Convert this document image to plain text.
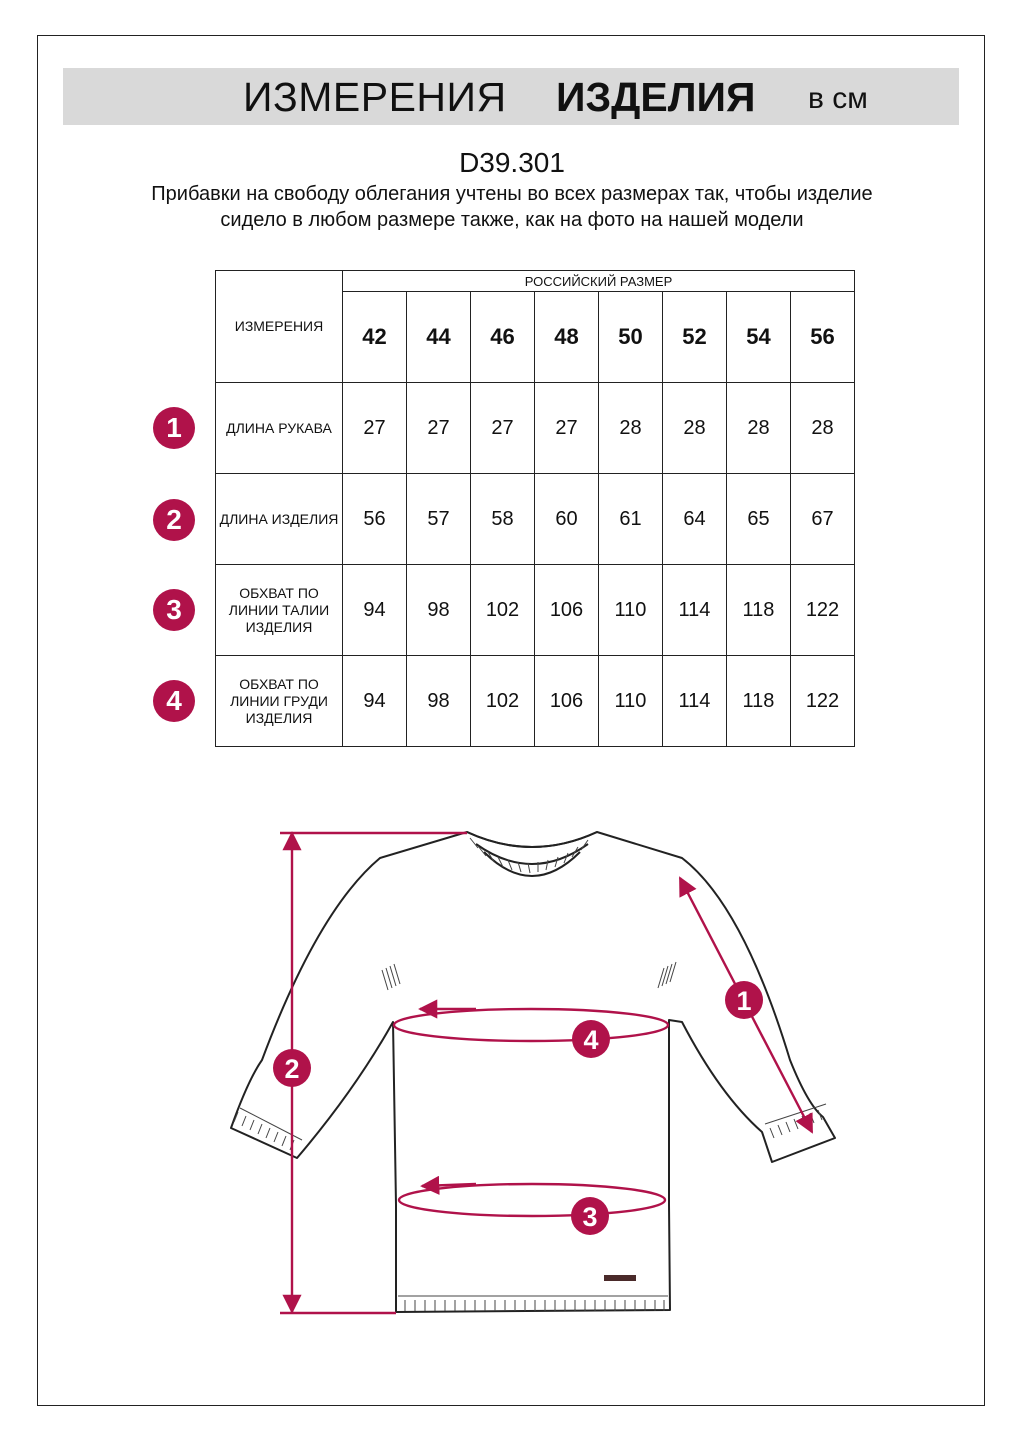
ИЗМЕРЕНИЯ ИЗДЕЛИЯ в см
D39.301
Прибавки на свободу облегания учтены во всех размерах так, чтобы изделие сидело в любом размере также, как на фото на нашей модели
ИЗМЕРЕНИЯ	РОССИЙСКИЙ РАЗМЕР							
	42	44	46	48	50	52	54	56
ДЛИНА РУКАВА	27	27	27	27	28	28	28	28
ДЛИНА ИЗДЕЛИЯ	56	57	58	60	61	64	65	67
ОБХВАТ ПО ЛИНИИ ТАЛИИ ИЗДЕЛИЯ	94	98	102	106	110	114	118	122
ОБХВАТ ПО ЛИНИИ ГРУДИ ИЗДЕЛИЯ	94	98	102	106	110	114	118	122
1
2
3
4
1
2
4
3
